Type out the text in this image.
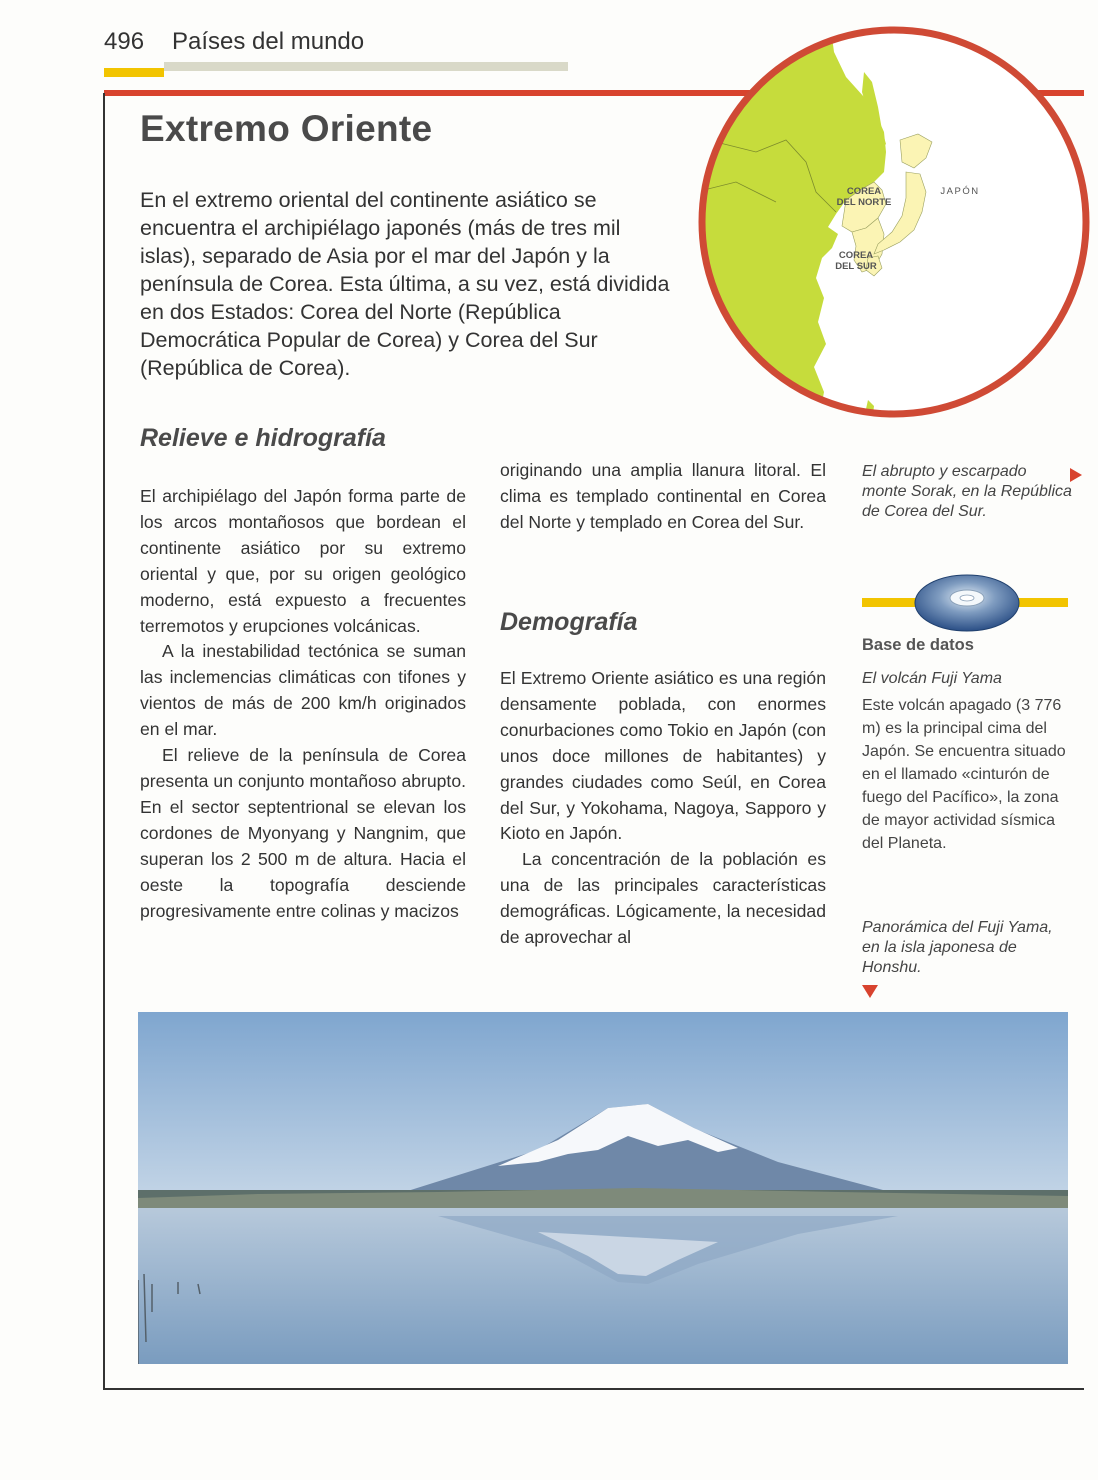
496 Países del mundo
COREA
DEL NORTE
COREA
DEL SUR
JAPÓN
Extremo Oriente

En el extremo oriental del continente asiático se encuentra el archipiélago japonés (más de tres mil islas), separado de Asia por el mar del Japón y la península de Corea. Esta última, a su vez, está dividida en dos Estados: Corea del Norte (República Democrática Popular de Corea) y Corea del Sur (República de Corea).

Relieve e hidrografía

El archipiélago del Japón forma parte de los arcos montañosos que bordean el continente asiático por su extremo oriental y que, por su origen geológico moderno, está expuesto a frecuentes terremotos y erupciones volcánicas.

A la inestabilidad tectónica se suman las inclemencias climáticas con tifones y vientos de más de 200 km/h originados en el mar.

El relieve de la península de Corea presenta un conjunto montañoso abrupto. En el sector septentrional se elevan los cordones de Myonyang y Nangnim, que superan los 2 500 m de altura. Hacia el oeste la topografía desciende progresivamente entre colinas y macizos

originando una amplia llanura litoral. El clima es templado continental en Corea del Norte y templado en Corea del Sur.

Demografía

El Extremo Oriente asiático es una región densamente poblada, con enormes conurbaciones como Tokio en Japón (con unos doce millones de habitantes) y grandes ciudades como Seúl, en Corea del Sur, y Yokohama, Nagoya, Sapporo y Kioto en Japón.

La concentración de la población es una de las principales características demográficas. Lógicamente, la necesidad de aprovechar al

El abrupto y escarpado monte Sorak, en la República de Corea del Sur.
Base de datos
El volcán Fuji Yama
Este volcán apagado (3 776 m) es la principal cima del Japón. Se encuentra situado en el llamado «cinturón de fuego del Pacífico», la zona de mayor actividad sísmica del Planeta.
Panorámica del Fuji Yama, en la isla japonesa de Honshu.
